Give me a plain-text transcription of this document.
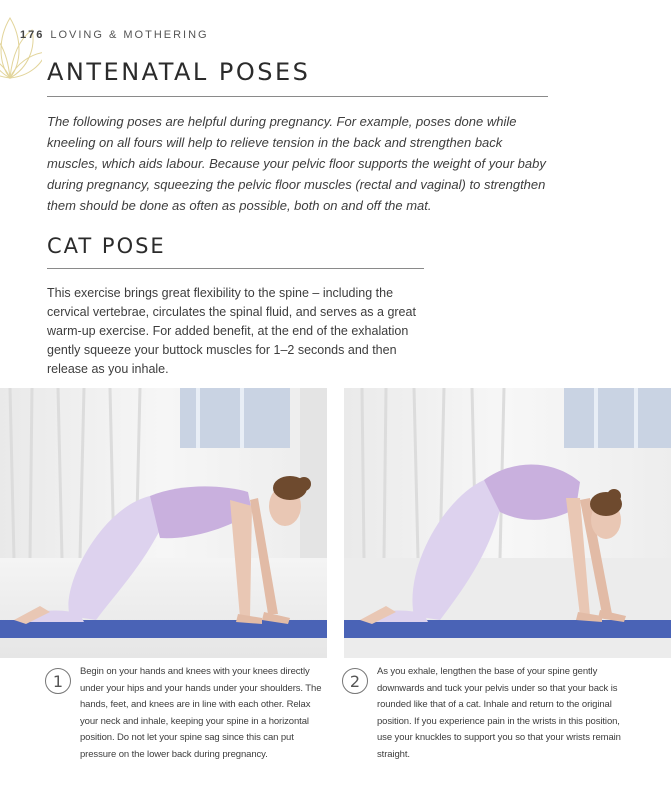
176 LOVING & MOTHERING
ANTENATAL POSES

The following poses are helpful during pregnancy. For example, poses done while kneeling on all fours will help to relieve tension in the back and strengthen back muscles, which aids labour. Because your pelvic floor supports the weight of your baby during pregnancy, squeezing the pelvic floor muscles (rectal and vaginal) to strengthen them should be done as often as possible, both on and off the mat.

CAT POSE

This exercise brings great flexibility to the spine – including the cervical vertebrae, circulates the spinal fluid, and serves as a great warm-up exercise. For added benefit, at the end of the exhalation gently squeeze your buttock muscles for 1–2 seconds and then release as you inhale.

1	Begin on your hands and knees with your knees directly under your hips and your hands under your shoulders. The hands, feet, and knees are in line with each other. Relax your neck and inhale, keeping your spine in a horizontal position. Do not let your spine sag since this can put pressure on the lower back during pregnancy.

2	As you exhale, lengthen the base of your spine gently downwards and tuck your pelvis under so that your back is rounded like that of a cat. Inhale and return to the original position. If you experience pain in the wrists in this position, use your knuckles to support you so that your wrists remain straight.
